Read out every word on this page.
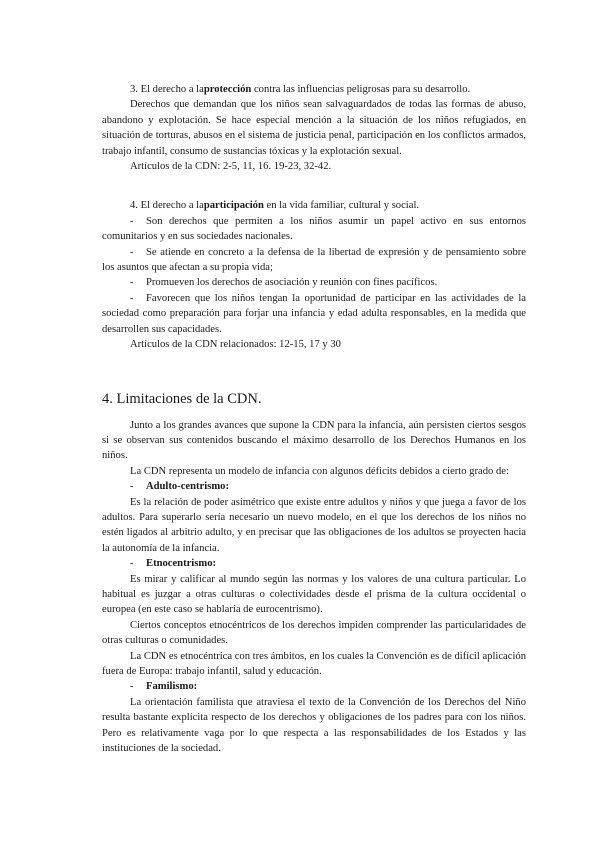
3. El derecho a laprotección contra las influencias peligrosas para su desarrollo.

Derechos que demandan que los niños sean salvaguardados de todas las formas de abuso, abandono y explotación. Se hace especial mención a la situación de los niños refugiados, en situación de torturas, abusos en el sistema de justicia penal, participación en los conflictos armados, trabajo infantil, consumo de sustancias tóxicas y la explotación sexual.

Artículos de la CDN: 2-5, 11, 16. 19-23, 32-42.

4. El derecho a laparticipación en la vida familiar, cultural y social.

- Son derechos que permiten a los niños asumir un papel activo en sus entornos comunitarios y en sus sociedades nacionales.

- Se atiende en concreto a la defensa de la libertad de expresión y de pensamiento sobre los asuntos que afectan a su propia vida;

- Promueven los derechos de asociación y reunión con fines pacíficos.

- Favorecen que los niños tengan la oportunidad de participar en las actividades de la sociedad como preparación para forjar una infancia y edad adulta responsables, en la medida que desarrollen sus capacidades.

Artículos de la CDN relacionados: 12-15, 17 y 30

4. Limitaciones de la CDN.

Junto a los grandes avances que supone la CDN para la infancia, aún persisten ciertos sesgos si se observan sus contenidos buscando el máximo desarrollo de los Derechos Humanos en los niños.

La CDN representa un modelo de infancia con algunos déficits debidos a cierto grado de:

- Adulto-centrismo:

Es la relación de poder asimétrico que existe entre adultos y niños y que juega a favor de los adultos. Para superarlo sería necesario un nuevo modelo, en el que los derechos de los niños no estén ligados al arbitrio adulto, y en precisar que las obligaciones de los adultos se proyecten hacia la autonomía de la infancia.

- Etnocentrismo:

Es mirar y calificar al mundo según las normas y los valores de una cultura particular. Lo habitual es juzgar a otras culturas o colectividades desde el prisma de la cultura occidental o europea (en este caso se hablaría de eurocentrismo).

Ciertos conceptos etnocéntricos de los derechos impiden comprender las particularidades de otras culturas o comunidades.

La CDN es etnocéntrica con tres ámbitos, en los cuales la Convención es de difícil aplicación fuera de Europa: trabajo infantil, salud y educación.

- Familismo:

La orientación familista que atraviesa el texto de la Convención de los Derechos del Niño resulta bastante explícita respecto de los derechos y obligaciones de los padres para con los niños. Pero es relativamente vaga por lo que respecta a las responsabilidades de los Estados y las instituciones de la sociedad.
